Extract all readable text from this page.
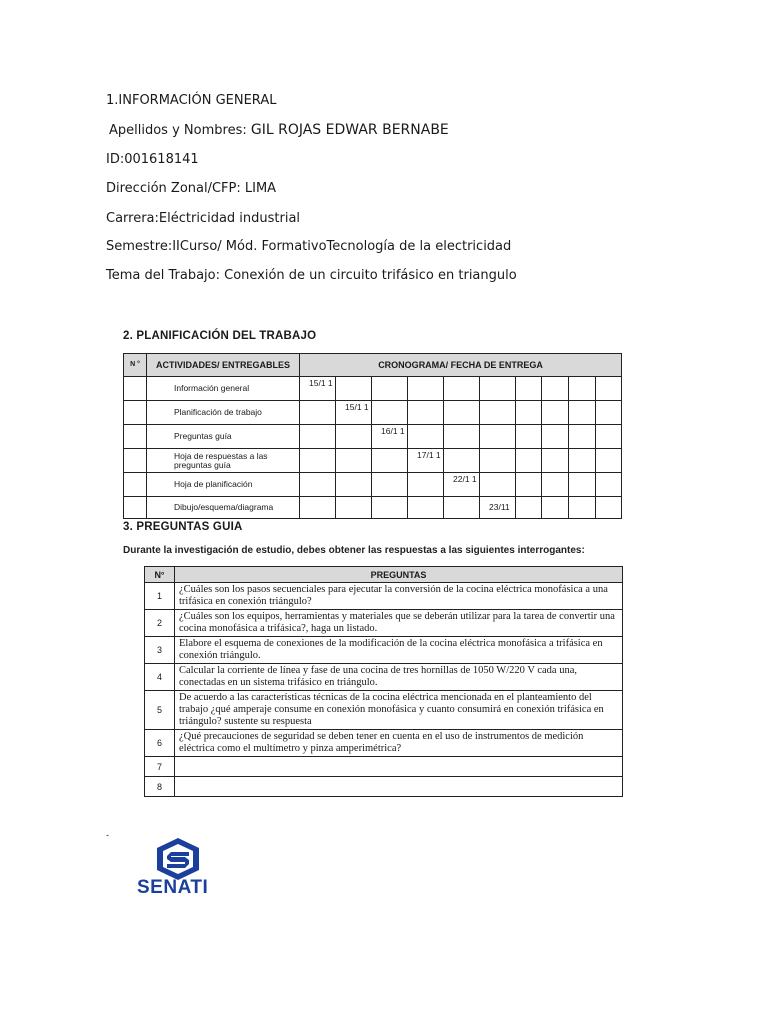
1.INFORMACIÓN GENERAL
Apellidos y Nombres: GIL ROJAS EDWAR BERNABE
ID:001618141
Dirección Zonal/CFP: LIMA
Carrera:Eléctricidad industrial
Semestre:IICurso/ Mód. FormativoTecnología de la electricidad
Tema del Trabajo: Conexión de un circuito trifásico en triangulo
2. PLANIFICACIÓN DEL TRABAJO
N °	ACTIVIDADES/ ENTREGABLES	CRONOGRAMA/ FECHA DE ENTREGA									
	Información general	15/1 1									
	Planificación de trabajo		15/1 1								
	Preguntas guía			16/1 1							
	Hoja de respuestas a las preguntas guía				17/1 1						
	Hoja de planificación					22/1 1					
	Dibujo/esquema/diagrama						23/11				
3. PREGUNTAS GUIA
Durante la investigación de estudio, debes obtener las respuestas a las siguientes interrogantes:
N°	PREGUNTAS
1	¿Cuáles son los pasos secuenciales para ejecutar la conversión de la cocina eléctrica monofásica a una trifásica en conexión triángulo?
2	¿Cuáles son los equipos, herramientas y materiales que se deberán utilizar para la tarea de convertir una cocina monofásica a trifásica?, haga un listado.
3	Elabore el esquema de conexiones de la modificación de la cocina eléctrica monofásica a trifásica en conexión triángulo.
4	Calcular la corriente de línea y fase de una cocina de tres hornillas de 1050 W/220 V cada una, conectadas en un sistema trifásico en triángulo.
5	De acuerdo a las características técnicas de la cocina eléctrica mencionada en el planteamiento del trabajo ¿qué amperaje consume en conexión monofásica y cuanto consumirá en conexión trifásica en triángulo? sustente su respuesta
6	¿Qué precauciones de seguridad se deben tener en cuenta en el uso de instrumentos de medición eléctrica como el multímetro y pinza amperimétrica?
7	
8	
-
SENATI
